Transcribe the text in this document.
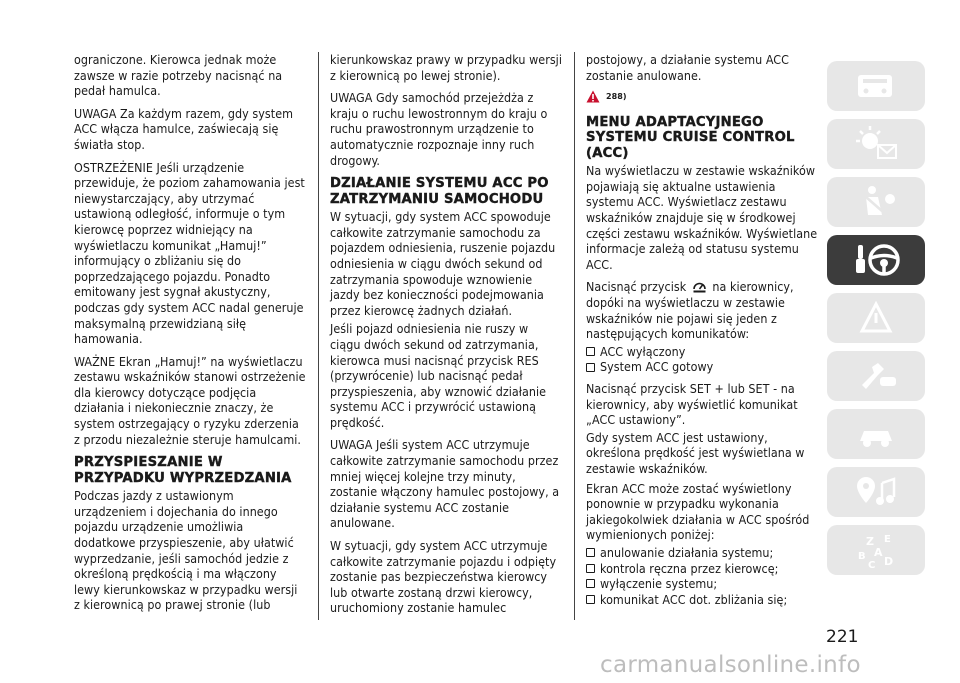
ograniczone. Kierowca jednak może zawsze w razie potrzeby nacisnąć na pedał hamulca.

UWAGA Za każdym razem, gdy system ACC włącza hamulce, zaświecają się światła stop.

OSTRZEŻENIE Jeśli urządzenie przewiduje, że poziom zahamowania jest niewystarczający, aby utrzymać ustawioną odległość, informuje o tym kierowcę poprzez widniejący na wyświetlaczu komunikat „Hamuj!” informujący o zbliżaniu się do poprzedzającego pojazdu. Ponadto emitowany jest sygnał akustyczny, podczas gdy system ACC nadal generuje maksymalną przewidzianą siłę hamowania.

WAŻNE Ekran „Hamuj!” na wyświetlaczu zestawu wskaźników stanowi ostrzeżenie dla kierowcy dotyczące podjęcia działania i niekoniecznie znaczy, że system ostrzegający o ryzyku zderzenia z przodu niezależnie steruje hamulcami.

PRZYSPIESZANIE W PRZYPADKU WYPRZEDZANIA

Podczas jazdy z ustawionym urządzeniem i dojechania do innego pojazdu urządzenie umożliwia dodatkowe przyspieszenie, aby ułatwić wyprzedzanie, jeśli samochód jedzie z określoną prędkością i ma włączony lewy kierunkowskaz w przypadku wersji z kierownicą po prawej stronie (lub

kierunkowskaz prawy w przypadku wersji z kierownicą po lewej stronie).

UWAGA Gdy samochód przejeżdża z kraju o ruchu lewostronnym do kraju o ruchu prawostronnym urządzenie to automatycznie rozpoznaje inny ruch drogowy.

DZIAŁANIE SYSTEMU ACC PO ZATRZYMANIU SAMOCHODU

W sytuacji, gdy system ACC spowoduje całkowite zatrzymanie samochodu za pojazdem odniesienia, ruszenie pojazdu odniesienia w ciągu dwóch sekund od zatrzymania spowoduje wznowienie jazdy bez konieczności podejmowania przez kierowcę żadnych działań.

Jeśli pojazd odniesienia nie ruszy w ciągu dwóch sekund od zatrzymania, kierowca musi nacisnąć przycisk RES (przywrócenie) lub nacisnąć pedał przyspieszenia, aby wznowić działanie systemu ACC i przywrócić ustawioną prędkość.

UWAGA Jeśli system ACC utrzymuje całkowite zatrzymanie samochodu przez mniej więcej kolejne trzy minuty, zostanie włączony hamulec postojowy, a działanie systemu ACC zostanie anulowane.

W sytuacji, gdy system ACC utrzymuje całkowite zatrzymanie pojazdu i odpięty zostanie pas bezpieczeństwa kierowcy lub otwarte zostaną drzwi kierowcy, uruchomiony zostanie hamulec

postojowy, a działanie systemu ACC zostanie anulowane.

288)
MENU ADAPTACYJNEGO SYSTEMU CRUISE CONTROL (ACC)

Na wyświetlaczu w zestawie wskaźników pojawiają się aktualne ustawienia systemu ACC. Wyświetlacz zestawu wskaźników znajduje się w środkowej części zestawu wskaźników. Wyświetlane informacje zależą od statusu systemu ACC.

Nacisnąć przycisk na kierownicy, dopóki na wyświetlaczu w zestawie wskaźników nie pojawi się jeden z następujących komunikatów:

ACC wyłączony
System ACC gotowy

Nacisnąć przycisk SET + lub SET - na kierownicy, aby wyświetlić komunikat „ACC ustawiony”.

Gdy system ACC jest ustawiony, określona prędkość jest wyświetlana w zestawie wskaźników.

Ekran ACC może zostać wyświetlony ponownie w przypadku wykonania jakiegokolwiek działania w ACC spośród wymienionych poniżej:

anulowanie działania systemu;
kontrola ręczna przez kierowcę;
wyłączenie systemu;
komunikat ACC dot. zbliżania się;
Z E
B A
C D
221
carmanualsonline.info
